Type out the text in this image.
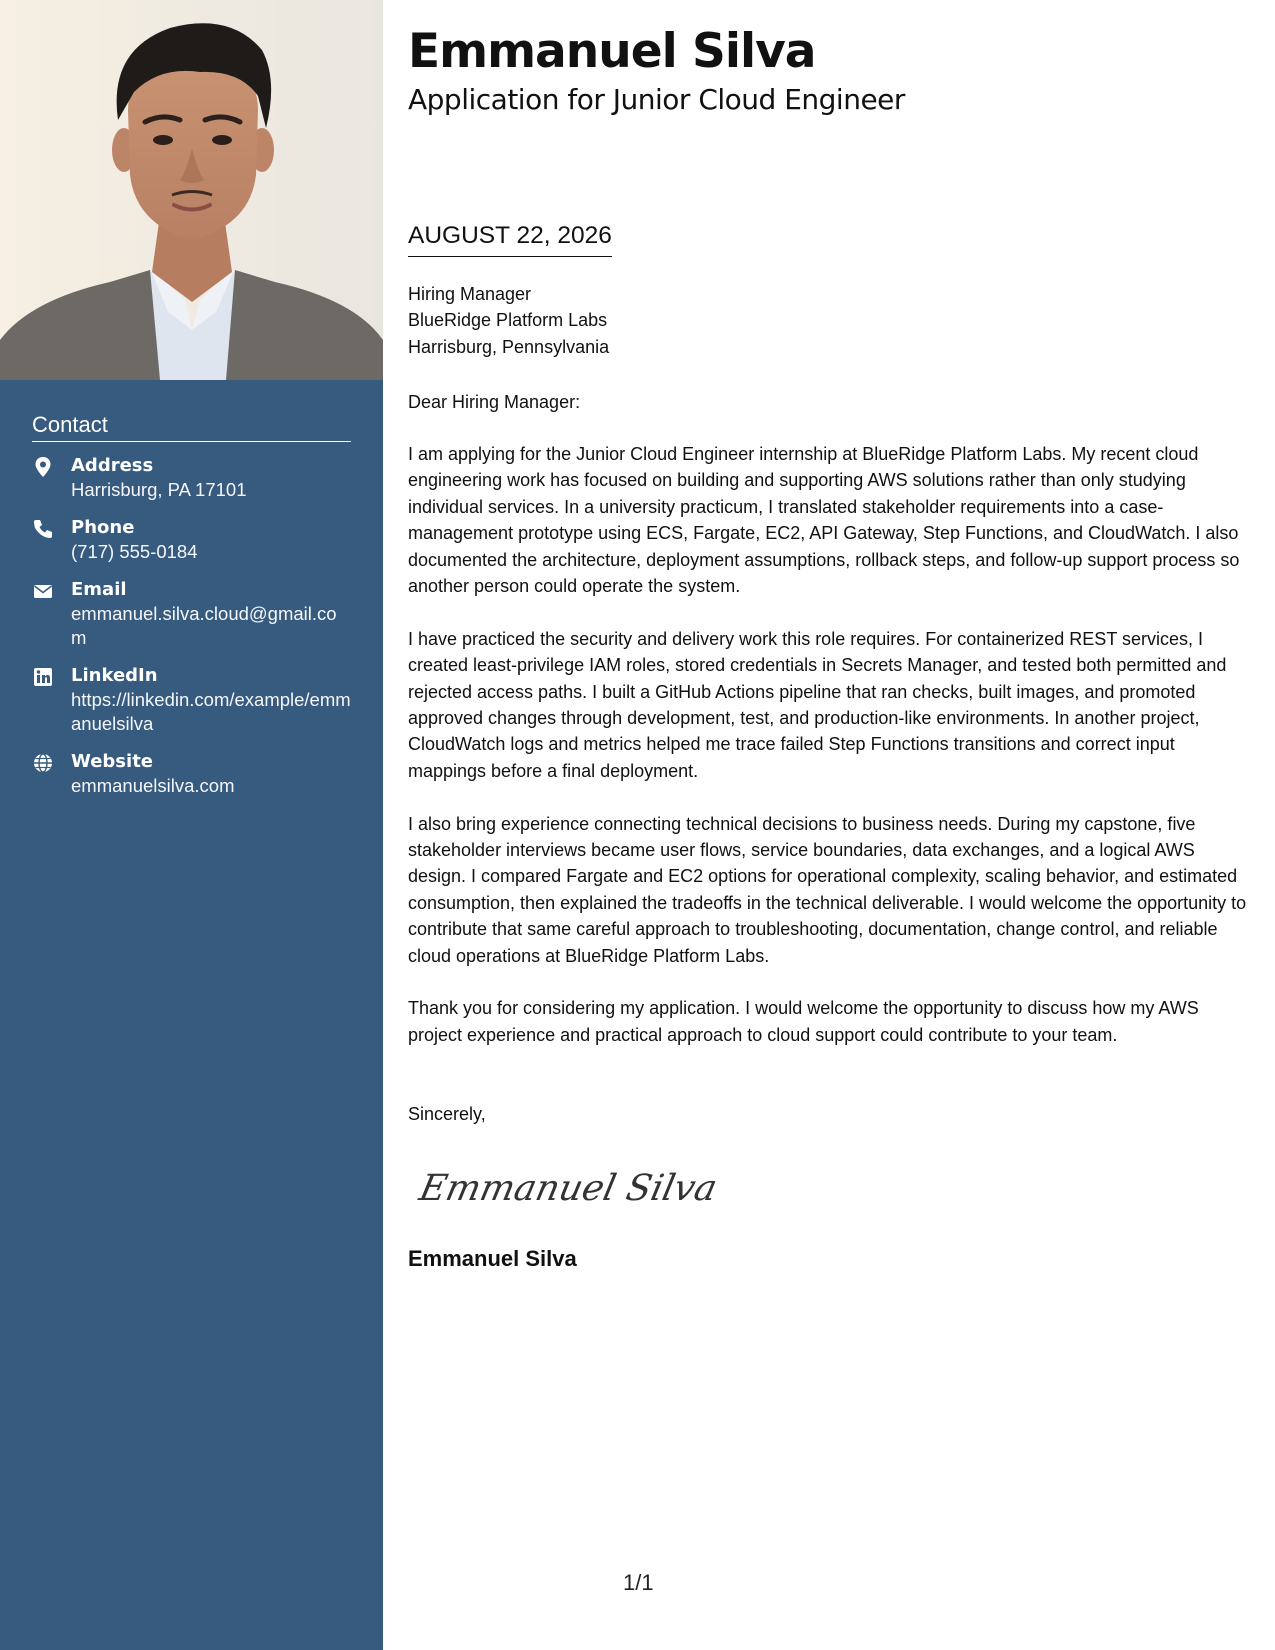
Contact
Address
Harrisburg, PA 17101
Phone
(717) 555-0184
Email
emmanuel.silva.cloud@gmail.com
LinkedIn
https://linkedin.com/example/emmanuelsilva
Website
emmanuelsilva.com
Emmanuel Silva
Application for Junior Cloud Engineer
AUGUST 22, 2026
Hiring Manager
BlueRidge Platform Labs
Harrisburg, Pennsylvania
Dear Hiring Manager:

I am applying for the Junior Cloud Engineer internship at BlueRidge Platform Labs. My recent cloud engineering work has focused on building and supporting AWS solutions rather than only studying individual services. In a university practicum, I translated stakeholder requirements into a case-management prototype using ECS, Fargate, EC2, API Gateway, Step Functions, and CloudWatch. I also documented the architecture, deployment assumptions, rollback steps, and follow-up support process so another person could operate the system.

I have practiced the security and delivery work this role requires. For containerized REST services, I created least-privilege IAM roles, stored credentials in Secrets Manager, and tested both permitted and rejected access paths. I built a GitHub Actions pipeline that ran checks, built images, and promoted approved changes through development, test, and production-like environments. In another project, CloudWatch logs and metrics helped me trace failed Step Functions transitions and correct input mappings before a final deployment.

I also bring experience connecting technical decisions to business needs. During my capstone, five stakeholder interviews became user flows, service boundaries, data exchanges, and a logical AWS design. I compared Fargate and EC2 options for operational complexity, scaling behavior, and estimated consumption, then explained the tradeoffs in the technical deliverable. I would welcome the opportunity to contribute that same careful approach to troubleshooting, documentation, change control, and reliable cloud operations at BlueRidge Platform Labs.

Thank you for considering my application. I would welcome the opportunity to discuss how my AWS project experience and practical approach to cloud support could contribute to your team.

Sincerely,
Emmanuel Silva
Emmanuel Silva
1/1
